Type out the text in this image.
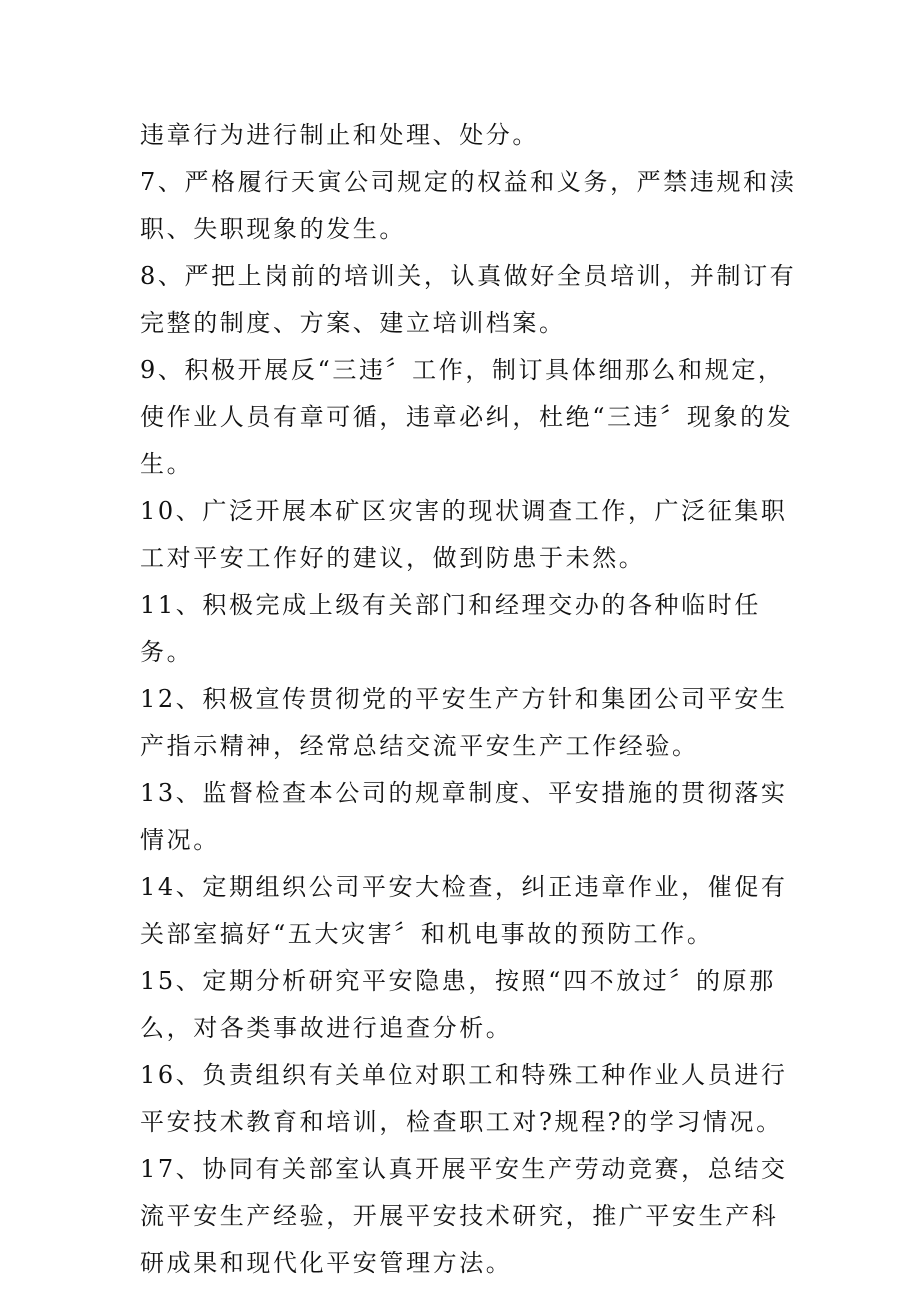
违章行为进行制止和处理、处分。

7、严格履行天寅公司规定的权益和义务，严禁违规和渎职、失职现象的发生。

8、严把上岗前的培训关，认真做好全员培训，并制订有完整的制度、方案、建立培训档案。

9、积极开展反“三违〞工作，制订具体细那么和规定，使作业人员有章可循，违章必纠，杜绝“三违〞现象的发生。

10、广泛开展本矿区灾害的现状调查工作，广泛征集职工对平安工作好的建议，做到防患于未然。

11、积极完成上级有关部门和经理交办的各种临时任务。

12、积极宣传贯彻党的平安生产方针和集团公司平安生产指示精神，经常总结交流平安生产工作经验。

13、监督检查本公司的规章制度、平安措施的贯彻落实情况。

14、定期组织公司平安大检查，纠正违章作业，催促有关部室搞好“五大灾害〞和机电事故的预防工作。

15、定期分析研究平安隐患，按照“四不放过〞的原那么，对各类事故进行追查分析。

16、负责组织有关单位对职工和特殊工种作业人员进行平安技术教育和培训，检查职工对?规程?的学习情况。

17、协同有关部室认真开展平安生产劳动竞赛，总结交流平安生产经验，开展平安技术研究，推广平安生产科研成果和现代化平安管理方法。
